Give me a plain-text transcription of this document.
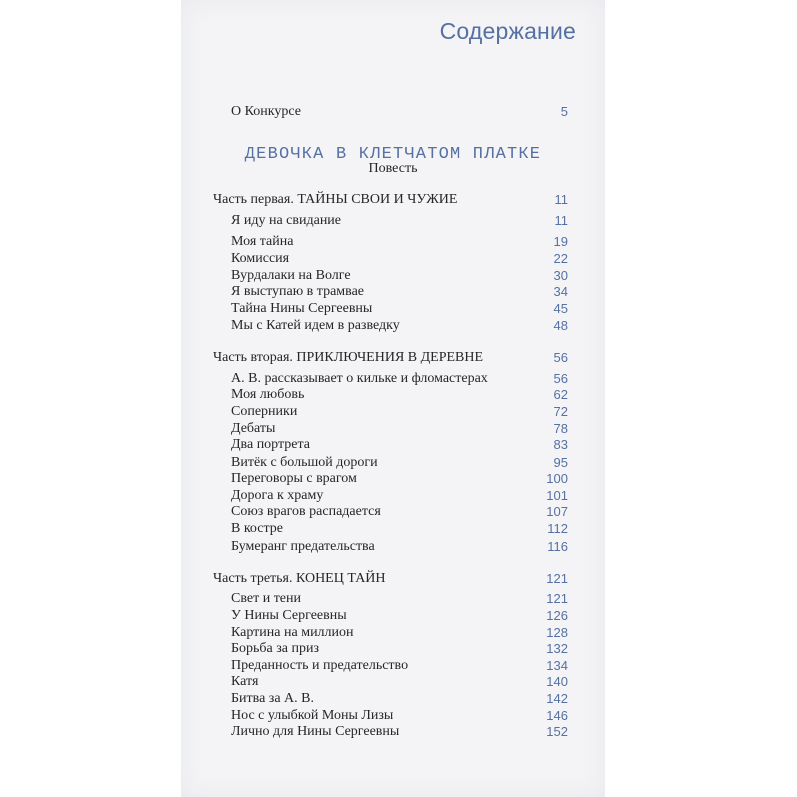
Содержание
О Конкурсе	5
ДЕВОЧКА В КЛЕТЧАТОМ ПЛАТКЕ
Повесть
Часть первая. ТАЙНЫ СВОИ И ЧУЖИЕ	11
Я иду на свидание	11
Моя тайна	19
Комиссия	22
Вурдалаки на Волге	30
Я выступаю в трамвае	34
Тайна Нины Сергеевны	45
Мы с Катей идем в разведку	48
Часть вторая. ПРИКЛЮЧЕНИЯ В ДЕРЕВНЕ	56
А. В. рассказывает о кильке и фломастерах	56
Моя любовь	62
Соперники	72
Дебаты	78
Два портрета	83
Витёк с большой дороги	95
Переговоры с врагом	100
Дорога к храму	101
Союз врагов распадается	107
В костре	112
Бумеранг предательства	116
Часть третья. КОНЕЦ ТАЙН	121
Свет и тени	121
У Нины Сергеевны	126
Картина на миллион	128
Борьба за приз	132
Преданность и предательство	134
Катя	140
Битва за А. В.	142
Нос с улыбкой Моны Лизы	146
Лично для Нины Сергеевны	152
